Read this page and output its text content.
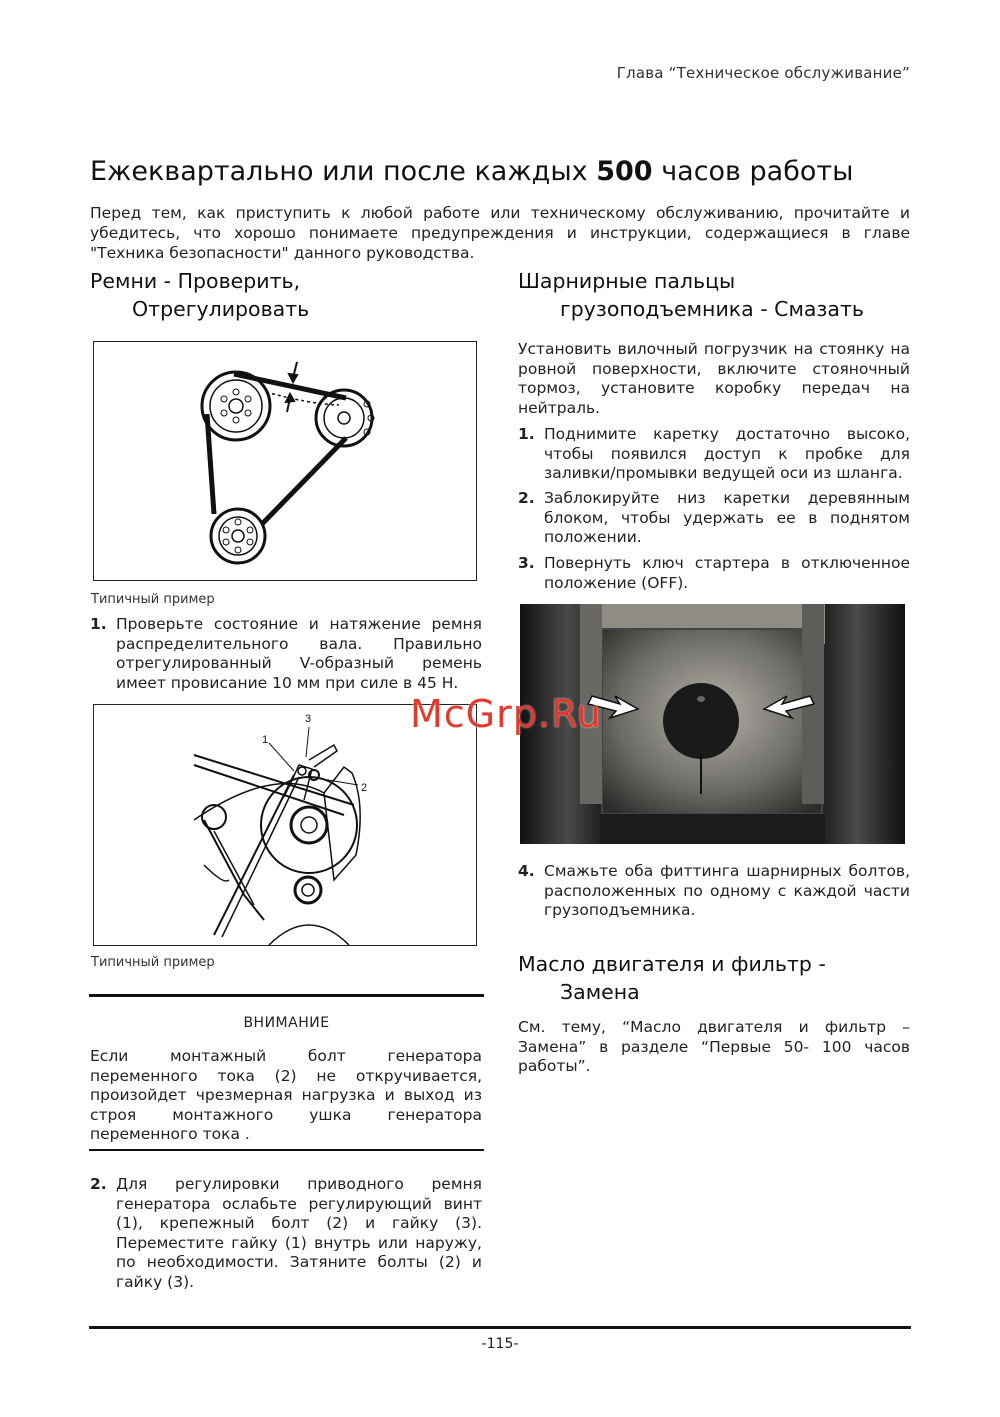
Глава “Техническое обслуживание”
Ежеквартально или после каждых 500 часов работы
Перед тем, как приступить к любой работе или техническому обслуживанию, прочитайте и убедитесь, что хорошо понимаете предупреждения и инструкции, содержащиеся в главе "Техника безопасности" данного руководства.
Ремни - Проверить,
Отрегулировать
Типичный пример
1. Проверьте состояние и натяжение ремня распределительного вала. Правильно отрегулированный V-образный ремень имеет провисание 10 мм при силе в 45 Н.
1
3
2
Типичный пример
ВНИМАНИЕ
Если монтажный болт генератора переменного тока (2) не откручивается, произойдет чрезмерная нагрузка и выход из строя монтажного ушка генератора переменного тока .
2. Для регулировки приводного ремня генератора ослабьте регулирующий винт (1), крепежный болт (2) и гайку (3). Переместите гайку (1) внутрь или наружу, по необходимости. Затяните болты (2) и гайку (3).
Шарнирные пальцы
грузоподъемника - Смазать
Установить вилочный погрузчик на стоянку на ровной поверхности, включите стояночный тормоз, установите коробку передач на нейтраль.
1. Поднимите каретку достаточно высоко, чтобы появился доступ к пробке для заливки/промывки ведущей оси из шланга.
2. Заблокируйте низ каретки деревянным блоком, чтобы удержать ее в поднятом положении.
3. Повернуть ключ стартера в отключенное положение (OFF).
4. Смажьте оба фиттинга шарнирных болтов, расположенных по одному с каждой части грузоподъемника.
Масло двигателя и фильтр -
Замена
См. тему, “Масло двигателя и фильтр – Замена” в разделе “Первые 50- 100 часов работы”.
McGrp.Ru
-115-
